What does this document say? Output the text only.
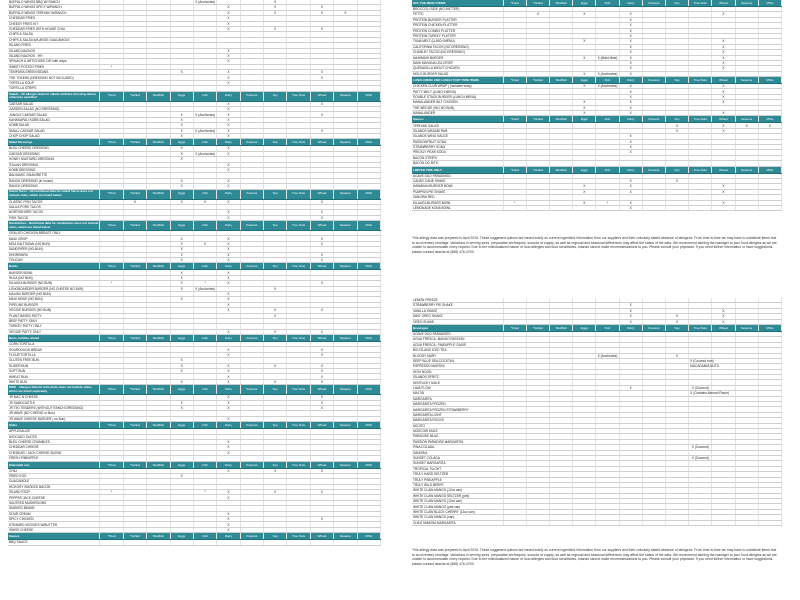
BUFFALO WINGS BBQ W/ RANCH					X (Anchovies)			X				
BUFFALO WINGS SPICY W/RANCH						X		X		X		
BUFFALO WINGS TERIYAKI W/RANCH						X		X		X	X	
CHEDDAR FRIES						X						
CHEESY FRIES KIT						X						
CHEDDAR FRIES WITH HOUSE CHILI						X		X		X		
CHIPS & SALSA												
CHIPS & SALSA W/LARGE GUACAMOLE												
ISLAND FRIES												
ISLAND NACHOS						X						
ISLAND NACHOS - HH						X						
SPINACH & ARTICHOKE DIP with chips						X						
SWEET POTATO FRIES	*											
TEMPURA GREEN BEANS				X		X				X		
THE TOKENS (DRESSING NOT INCLUDED)						X				X		
TORTILLA SOUP						X						
TORTILLA STRIPS												
Salads - All allergen data for salads includes dressing unless otherwise specified	*Fried	*Grilled	Shellfish	Eggs	Fish	Dairy	Peanuts	Soy	Tree Nuts	Wheat	Sesame	MSG
CAESAR SALAD						X				X		
GARDEN SALAD (NO DRESSING)						X						
JUNGLE CAESAR SALAD				X	X (Anchovies)	X				X		
KAHANAPALI KOBB SALAD				X		X						
KOBB SALAD				X		X						
SMALL CAESAR SALAD				X	X (Anchovies)	X				X		
CHOP CHOP SALAD				X		X						
Salad Dressings	*Fried	*Grilled	Shellfish	Eggs	Fish	Dairy	Peanuts	Soy	Tree Nuts	Wheat	Sesame	MSG
BLEU CHEESE DRESSING				X		X						
CAESAR DRESSING				X	X (Anchovies)	X						
HONEY MUSTARD DRESSING				X								
ITALIAN DRESSING						X						
KOBB DRESSING						X						
BALSAMIC VINAIGRETTE												
RANCH DRESSING (in house)				X		X						
RANCH DRESSING				X		X						
Island Tacos - All nutritional data for island Tacos does not include sides, which are listed below	*Fried	*Grilled	Shellfish	Eggs	Fish	Dairy	Peanuts	Soy	Tree Nuts	Wheat	Sesame	MSG
CLASSIC FISH TACOS		X		X	X	X				X		
KALUA PORK TACOS												
NORTHSHORE TACOS						X				X		
FISH TACOS						X				X		
Sandwiches - Nutritional data for sandwiches does not include sides, which are listed below	*Fried	*Grilled	Shellfish	Eggs	Fish	Dairy	Peanuts	Soy	Tree Nuts	Wheat	Sesame	MSG
GRILLED CHICKEN BREAST ONLY												
MAUI CRISP				X		X				X		
MOA KALTSUNAI (NO BUN)				X	X	X				X		
SANDPIPER (NO BUN)				X		X						
SHOREBIRD				X		X				X		
TOUCAN				X		X				X		
Bowls	*Fried	*Grilled	Shellfish	Eggs	Fish	Dairy	Peanuts	Soy	Tree Nuts	Wheat	Sesame	MSG
BURGER BOWL				X		X						
HULA (NO BUN)				X		X						
KILAUEA BURGER (NO BUN)	*			X	*	X				X		
LONGBOARDER BURGER (NO CHEESE NO BUN)				X	X (Anchovies)			X				
MALIBU BURGER (NO BUN)						X						
MAUI MOKE (NO BUN)				X		X						
PIPELINE BURGER						X						
VEGGIE BURGER (NO BUN)						X		X		X		
PLANT BASED PATTY								X				
BEEF PATTY ONLY												
TURKEY PATTY ONLY												
VEGGIE PATTY ONLY						X		X		X		
Buns, tortillas, Bread	*Fried	*Grilled	Shellfish	Eggs	Fish	Dairy	Peanuts	Soy	Tree Nuts	Wheat	Sesame	MSG
CORN TORTILLA												
SOURDOUGH BREAD						X				X		
FLOUR TORTILLA						X				X		
GLUTEN FREE BUN				X								
SLIDER BUN				X		X		X		X		
SOFT BUN				X		X				X		
WHEAT BUN						X				X		
WHITE BUN				X		X		X		X		
KIDS - Allergen data for kids items does not include sides, which are listed separately	*Fried	*Grilled	Shellfish	Eggs	Fish	Dairy	Peanuts	Soy	Tree Nuts	Wheat	Sesame	MSG
JR MAC N CHEESE						X				X		
JR SANDCASTLE				X		X				X		
JR TIKI TENDERS (WITHOUT RANCH DRESSING)				X		X				X		
JR WAVE (NO CHEESE or Bun)												
JR WAVE CHEESE BURGER ( no Bun)						X						
Sides	*Fried	*Grilled	Shellfish	Eggs	Fish	Dairy	Peanuts	Soy	Tree Nuts	Wheat	Sesame	MSG
APPLESAUCE												
AVOCADO SLICES												
BLEU CHEESE CRUMBLES						X						
CHEDDAR CHEESE						X						
CHEDDAR / JACK CHEESE BLEND						X						
FRESH PINEAPPLE												
Sides/add ons	*Fried	*Grilled	Shellfish	Eggs	Fish	Dairy	Peanuts	Soy	Tree Nuts	Wheat	Sesame	MSG
CHILI						X		X		X		
FRIED EGG				X								
GUACAMOLE												
HICKORY SMOKED BACON												
ISLAND RICE*	*				*	X		X		X		
PEPPER JACK CHEESE						X						
SAUTEED MUSHROOMS												
SMOKED BEANS												
SOUR CREAM						X						
SPICY CHICKEN						X				X		
STEAMED VEGGIES W/BUTTER						X						
SWISS CHEESE						X						
Sauces	*Fried	*Grilled	Shellfish	Eggs	Fish	Dairy	Peanuts	Soy	Tree Nuts	Wheat	Sesame	MSG
BBQ SAUCE												
OFF THE MENU ITEMS	*Fried	*Grilled	Shellfish	Eggs	Fish	Dairy	Peanuts	Soy	Tree Nuts	Wheat	Sesame	MSG
BROCCOLI SIDE (NO BUTTER)												
FETTO		X		X		X				X		
PROTEIN BURGER PLATTER						X						
PROTEIN CHICKEN PLATTER						X						
PROTEIN COMBO PLATTER						X						
PROTEIN TURKEY PLATTER						X						
TUNA MELT (LUNCH MENU)				X		X				X		
CALIFORNIA TACOS (NO DRESSING)						X				X		
CHARLEY TACOS (NO DRESSING)						X				X		
MAHIMAHI BURGER				X	X (Mahi Mahi)	X				X		
MAHI MAHUNA LEA CRISP						X				X		
QUESADILLA W/OUT CHICKEN						X				X		
MOLO BURGER SALAD				X	X (Anchovies)	X						
LUNCH MENU AND LUNCH TOOT TIME ITEMS	*Fried	*Grilled	Shellfish	Eggs	Fish	Dairy	Peanuts	Soy	Tree Nuts	Wheat	Sesame	MSG
CHICKEN CLUB WRAP ( (includes wrap)				X	X (Anchovies)	X				X		
PATTY MELT (LUNCH MENU)						X				X		
DOUBLE STACK BURGER (LUNCH MENU)						X				X		
MANALANDER WLT CHICKEN				X		X				X		
THE WEDGE (W/1 NO BUN)				X		X						
MANALANDER				X		X				X		
Sauces	*Fried	*Grilled	Shellfish	Eggs	Fish	Dairy	Peanuts	Soy	Tree Nuts	Wheat	Sesame	MSG
TERIYAKI SAUCE								X		X	X	X
ISLANDS WASABI RUB								X		X		
ISLANDS WING SAUCE						X						
PASSIONFRUIT SODA						X						
STRAWBERRY SODA						X						
PRICKLY PEAR SODA						X						
BACON STRIPS												
BACON DO BITS												
LIMITED TIME ONLY	*Fried	*Grilled	Shellfish	Eggs	Fish	Dairy	Peanuts	Soy	Tree Nuts	Wheat	Sesame	MSG
AGAVE DUO PARADISED												
CANDY CANE SHAKE						X		X				
HAWAIIAN BURGER BOWL				X		X				X		
PUMPKIN PIE SHAKE				X		X				X		
VANGIRA RED												
KILAUEA BURGER BOWL	*			X	*	X				X		
LEMONADE KONA BOWL						X						
This allergy data was prepared in April 2025. These suggested options are based solely on current ingredient information from our suppliers and their voluntary stated absence of allergens. From time to time we may have to substitute items due to an inventory shortage. Variations in serving sizes, preparation techniques, sources of supply, as well as regional and seasonal differences may affect the status of the data. We recommend alerting the manager to your food allergies as we are unable to accommodate every request. Due to the individualized nature of food allergies and food sensitivities, Islands cannot make recommendations to you. Please consult your physician. If you need further information or have suggestions, please contact Islands at (888) 476-4753.
LEMON FREEZE												
STRAWBERRY PIE SHAKE						X						
VANILLA SHAKE						X				X		
MINT OREO SHAKE						X		X		X		
OREO SHAKE						X		X		X		
Beverages	*Fried	*Grilled	Shellfish	Eggs	Fish	Dairy	Peanuts	Soy	Tree Nuts	Wheat	Sesame	MSG
AGAVE DUO PARADISED												
AGUA FRESCA- MANGO PASSION												
AGUA FRESCA- PINEAPPLE OASIS												
BIG ISLAND ICED TEA												
BLOODY MARY					X (Anchovies)			X				
DEEP BLUE SEA COCKTAIL									X (Coconut rum)			
ESPRESSO MARTINI									MACADAMIA NUTS			
HIGH NOON												
ISLANDS SPRITZ												
KENTUCKY MULE												
LAVA FLOW						X			X (Coconut)			
MAI TAI									X (Contains Almond Flavor)			
MARGARITA												
MARGARITA FROZEN												
MARGARITA FROZEN STRAWBERRY												
MARGARITA LIGHT												
MARGARITA ROCKS												
MOJITO												
MOSCOW MULE												
PARADISE MULE												
PASSION PARADISE MARGARITA												
PINA COLADA									X (Coconut)			
SANGRIA												
SUNSET COLADA									X (Coconut)			
SUNSET MARGARITA												
TROPICAL FLIGHT												
TRULY HARD SELTZER												
TRULY PINEAPPLE												
TRULY WILD BERRY												
WHITE CLAW MANGO (12oz can)												
WHITE CLAW MANGO SELTZER (pint)												
WHITE CLAW MANGO (12oz can)												
WHITE CLAW MANGO (pint can)												
WHITE CLAW BLACK CHERRY (12oz can)												
WHITE CLAW MANGO (can)												
CHILE MIMOSA MARGARITA												
This allergy data was prepared in April 2025. These suggested options are based solely on current ingredient information from our suppliers and their voluntary stated absence of allergens. From time to time we may have to substitute items due to an inventory shortage. Variations in serving sizes, preparation techniques, sources of supply, as well as regional and seasonal differences may affect the status of the data. We recommend alerting the manager to your food allergies as we are unable to accommodate every request. Due to the individualized nature of food allergies and food sensitivities, Islands cannot make recommendations to you. Please consult your physician. If you need further information or have suggestions, please contact Islands at (888) 476-4753.
